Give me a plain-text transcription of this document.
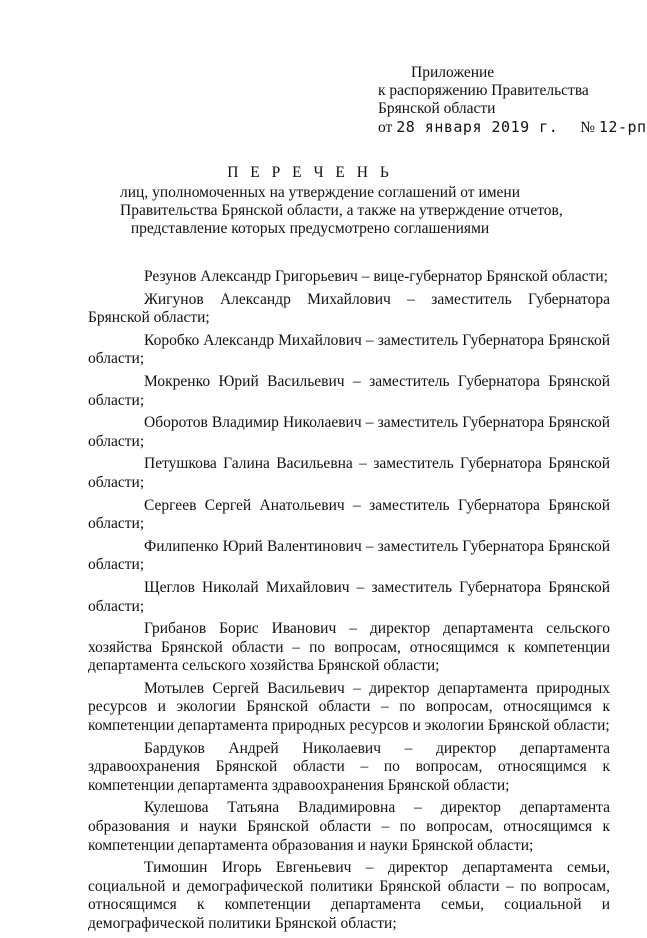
Приложение
к распоряжению Правительства
Брянской области
от 28 января 2019 г. № 12-рп
П Е Р Е Ч Е Н Ь
лиц, уполномоченных на утверждение соглашений от имени
Правительства Брянской области, а также на утверждение отчетов,
представление которых предусмотрено соглашениями

Резунов Александр Григорьевич – вице-губернатор Брянской области;

Жигунов Александр Михайлович – заместитель Губернатора Брянской области;

Коробко Александр Михайлович – заместитель Губернатора Брянской области;

Мокренко Юрий Васильевич – заместитель Губернатора Брянской области;

Оборотов Владимир Николаевич – заместитель Губернатора Брянской области;

Петушкова Галина Васильевна – заместитель Губернатора Брянской области;

Сергеев Сергей Анатольевич – заместитель Губернатора Брянской области;

Филипенко Юрий Валентинович – заместитель Губернатора Брянской области;

Щеглов Николай Михайлович – заместитель Губернатора Брянской области;

Грибанов Борис Иванович – директор департамента сельского хозяйства Брянской области – по вопросам, относящимся к компетенции департамента сельского хозяйства Брянской области;

Мотылев Сергей Васильевич – директор департамента природных ресурсов и экологии Брянской области – по вопросам, относящимся к компетенции департамента природных ресурсов и экологии Брянской области;

Бардуков Андрей Николаевич – директор департамента здравоохранения Брянской области – по вопросам, относящимся к компетенции департамента здравоохранения Брянской области;

Кулешова Татьяна Владимировна – директор департамента образования и науки Брянской области – по вопросам, относящимся к компетенции департамента образования и науки Брянской области;

Тимошин Игорь Евгеньевич – директор департамента семьи, социальной и демографической политики Брянской области – по вопросам, относящимся к компетенции департамента семьи, социальной и демографической политики Брянской области;
